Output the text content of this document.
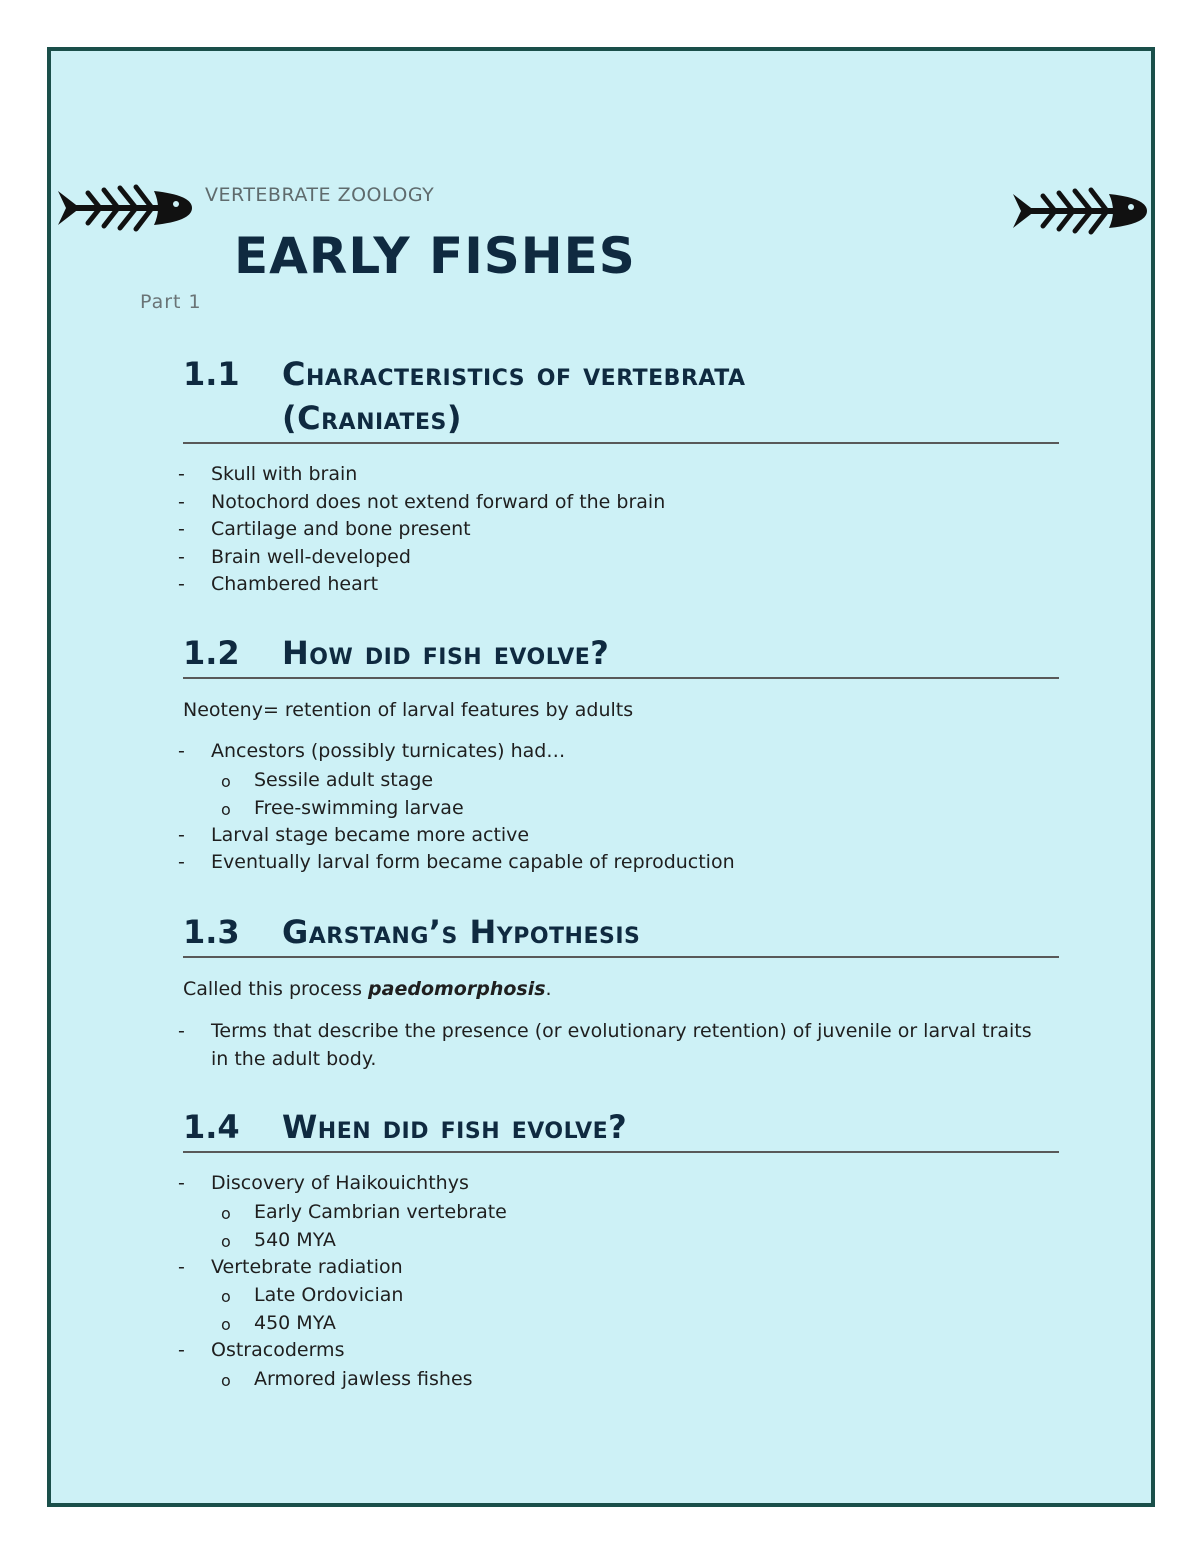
VERTEBRATE ZOOLOGY
EARLY FISHES
Part 1
1.1	Characteristics of vertebrata
(Craniates)
- Skull with brain
- Notochord does not extend forward of the brain
- Cartilage and bone present
- Brain well-developed
- Chambered heart
1.2	How did fish evolve?

Neoteny= retention of larval features by adults

- Ancestors (possibly turnicates) had…
o Sessile adult stage
o Free-swimming larvae
- Larval stage became more active
- Eventually larval form became capable of reproduction
1.3	Garstang’s Hypothesis

Called this process paedomorphosis.

- Terms that describe the presence (or evolutionary retention) of juvenile or larval traits in the adult body.
1.4	When did fish evolve?
- Discovery of Haikouichthys
o Early Cambrian vertebrate
o 540 MYA
- Vertebrate radiation
o Late Ordovician
o 450 MYA
- Ostracoderms
o Armored jawless fishes
